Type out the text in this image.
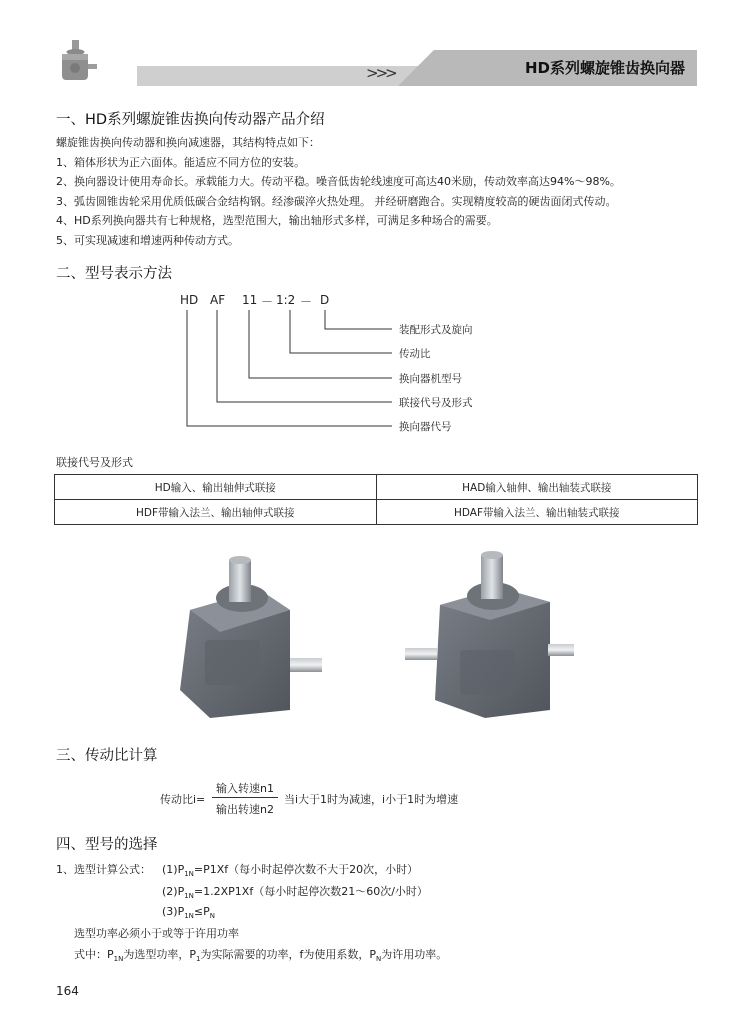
>>>	HD系列螺旋锥齿换向器
一、HD系列螺旋锥齿换向传动器产品介绍
螺旋锥齿换向传动器和换向减速器，其结构特点如下：
1、箱体形状为正六面体。能适应不同方位的安装。
2、换向器设计使用寿命长。承载能力大。传动平稳。噪音低齿轮线速度可高达40米励，传动效率高达94%～98%。
3、弧齿圆锥齿轮采用优质低碳合金结构钢。经渗碳淬火热处理。 并经研磨跑合。实现精度较高的硬齿面闭式传动。
4、HD系列换向器共有七种规格，选型范围大，输出轴形式多样，可满足多种场合的需要。
5、可实现减速和增速两种传动方式。
二、型号表示方法
HD AF 11 － 1:2 － D
装配形式及旋向
传动比
换向器机型号
联接代号及形式
换向器代号
联接代号及形式
HD输入、输出轴伸式联接	HAD输入轴伸、输出轴装式联接
HDF带输入法兰、输出轴伸式联接	HDAF带输入法兰、输出轴装式联接
三、传动比计算
传动比i=
输入转速n1
输出转速n2
当i大于1时为减速，i小于1时为增速
四、型号的选择
1、选型计算公式： $(1)P_{1N}=P1Xf$（每小时起停次数不大于20次，小时）
$(2)P_{1N}=1.2XP1Xf$（每小时起停次数21～60次/小时）
$(3)P_{1N}\le P_N$
选型功率必须小于或等于许用功率
式中：$P_{1N}$为选型功率，$P_1$为实际需要的功率，f为使用系数，$P_N$为许用功率。
164
